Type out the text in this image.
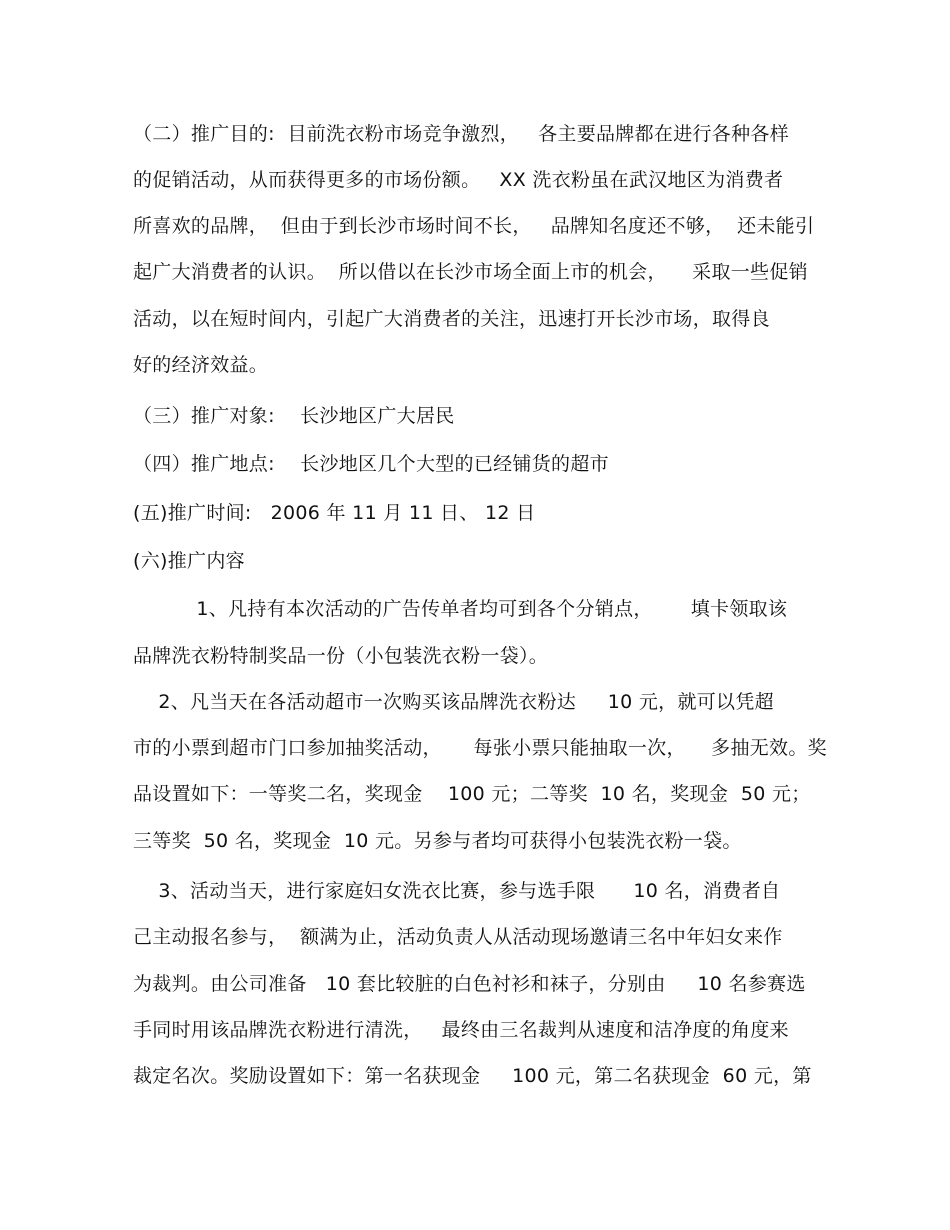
（二）推广目的:  目前洗衣粉市场竞争激烈，   各主要品牌都在进行各种各样
的促销活动，从而获得更多的市场份额。   XX 洗衣粉虽在武汉地区为消费者
所喜欢的品牌，  但由于到长沙市场时间不长，   品牌知名度还不够，  还未能引
起广大消费者的认识。  所以借以在长沙市场全面上市的机会，    采取一些促销
活动，以在短时间内，引起广大消费者的关注，迅速打开长沙市场，取得良
好的经济效益。
（三）推广对象:    长沙地区广大居民
（四）推广地点:    长沙地区几个大型的已经铺货的超市
(五)推广时间:   2006 年 11 月 11 日、 12 日
(六)推广内容
1、凡持有本次活动的广告传单者均可到各个分销点，      填卡领取该
品牌洗衣粉特制奖品一份（小包装洗衣粉一袋）。
2、凡当天在各活动超市一次购买该品牌洗衣粉达     10 元，就可以凭超
市的小票到超市门口参加抽奖活动，     每张小票只能抽取一次，    多抽无效。奖
品设置如下：一等奖二名，奖现金    100 元；二等奖  10 名，奖现金  50 元；
三等奖  50 名，奖现金  10 元。另参与者均可获得小包装洗衣粉一袋。
3、活动当天，进行家庭妇女洗衣比赛，参与选手限      10 名，消费者自
己主动报名参与，  额满为止，活动负责人从活动现场邀请三名中年妇女来作
为裁判。由公司准备   10 套比较脏的白色衬衫和袜子，分别由     10 名参赛选
手同时用该品牌洗衣粉进行清洗，   最终由三名裁判从速度和洁净度的角度来
裁定名次。奖励设置如下：第一名获现金     100 元，第二名获现金  60 元，第
